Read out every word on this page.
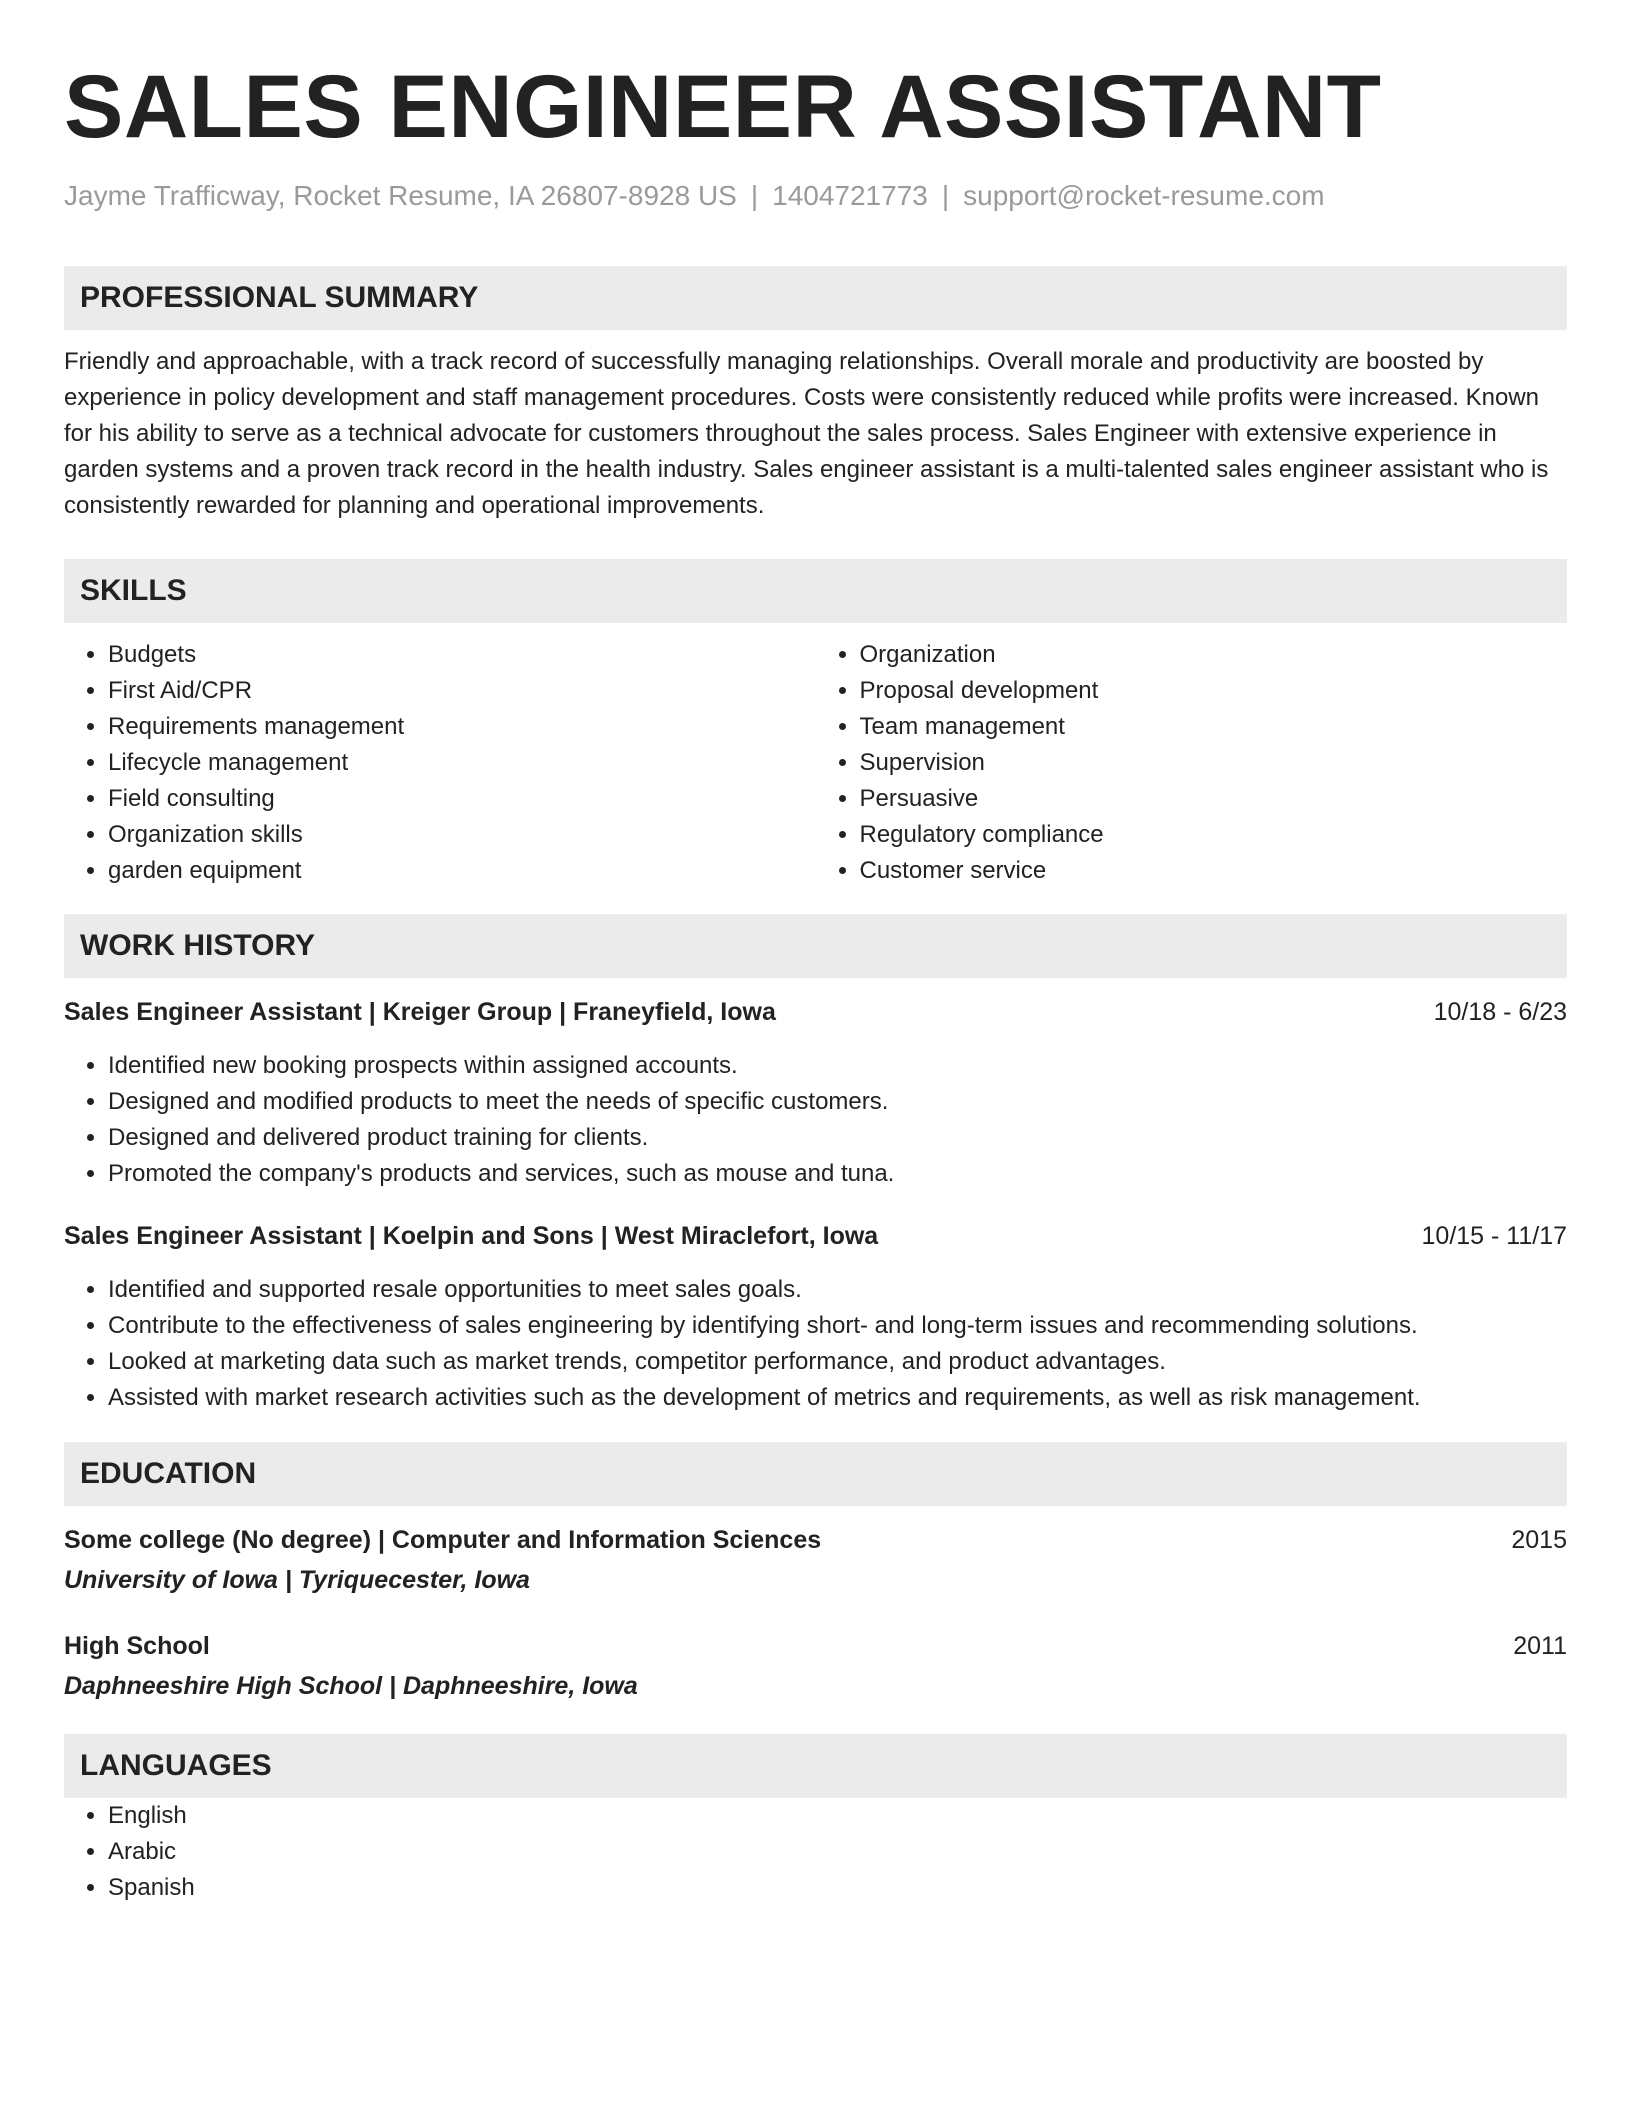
SALES ENGINEER ASSISTANT
Jayme Trafficway, Rocket Resume, IA 26807-8928 US | 1404721773 | support@rocket-resume.com
PROFESSIONAL SUMMARY
Friendly and approachable, with a track record of successfully managing relationships. Overall morale and productivity are boosted by experience in policy development and staff management procedures. Costs were consistently reduced while profits were increased. Known for his ability to serve as a technical advocate for customers throughout the sales process. Sales Engineer with extensive experience in garden systems and a proven track record in the health industry. Sales engineer assistant is a multi-talented sales engineer assistant who is consistently rewarded for planning and operational improvements.
SKILLS
• Budgets
• First Aid/CPR
• Requirements management
• Lifecycle management
• Field consulting
• Organization skills
• garden equipment
• Organization
• Proposal development
• Team management
• Supervision
• Persuasive
• Regulatory compliance
• Customer service
WORK HISTORY
Sales Engineer Assistant | Kreiger Group | Franeyfield, Iowa	10/18 - 6/23
• Identified new booking prospects within assigned accounts.
• Designed and modified products to meet the needs of specific customers.
• Designed and delivered product training for clients.
• Promoted the company's products and services, such as mouse and tuna.
Sales Engineer Assistant | Koelpin and Sons | West Miraclefort, Iowa	10/15 - 11/17
• Identified and supported resale opportunities to meet sales goals.
• Contribute to the effectiveness of sales engineering by identifying short- and long-term issues and recommending solutions.
• Looked at marketing data such as market trends, competitor performance, and product advantages.
• Assisted with market research activities such as the development of metrics and requirements, as well as risk management.
EDUCATION
Some college (No degree) | Computer and Information Sciences	2015
University of Iowa | Tyriquecester, Iowa
High School	2011
Daphneeshire High School | Daphneeshire, Iowa
LANGUAGES
• English
• Arabic
• Spanish
